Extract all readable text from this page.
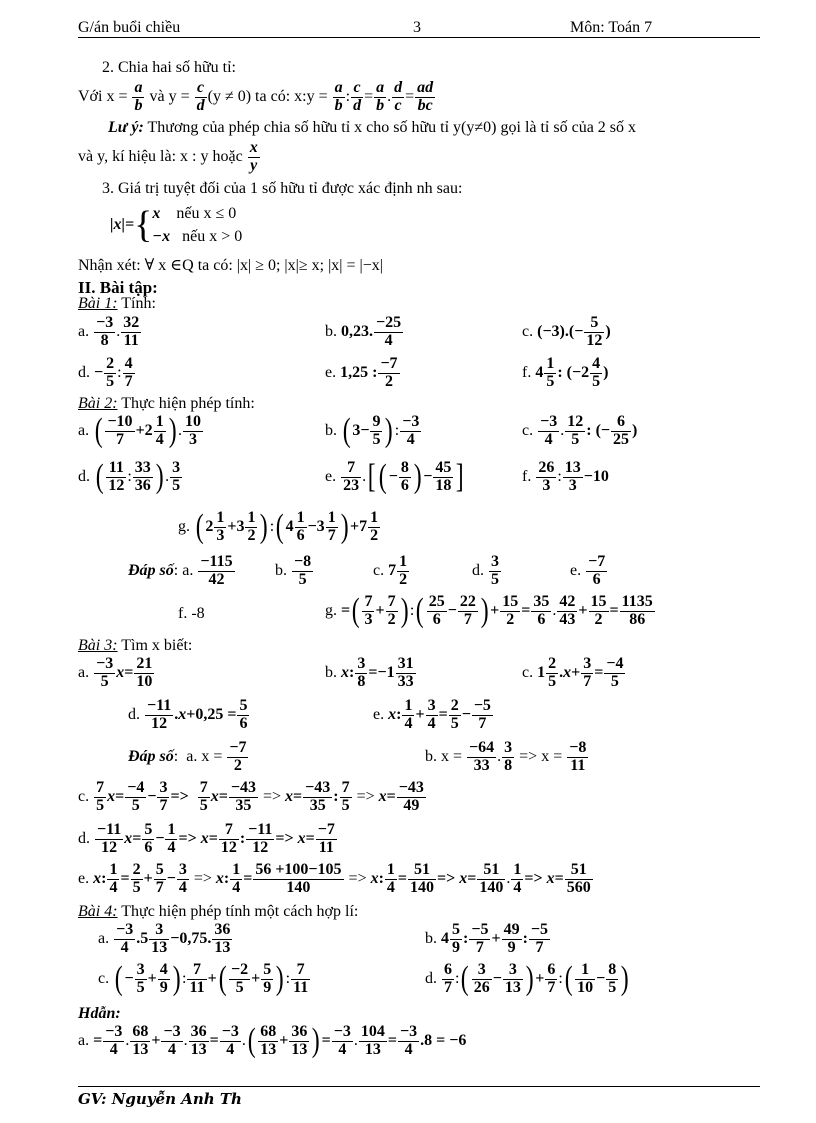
G/án buổi chiều	3	Môn: Toán 7
2. Chia hai số hữu tỉ:
Với $x = \frac{a}{b}$ và $y = \frac{c}{d} (y \ne 0)$ ta có: x:y = $\frac{a}{b}$ : $\frac{c}{d} = \frac{a}{b}$ . $\frac{d}{c} = \frac{ad}{bc}$
Lư ý: Thương của phép chia số hữu tỉ x cho số hữu tỉ y(y≠0) gọi là tỉ số của 2 số x
và y, kí hiệu là: x : y hoặc $\frac{x}{y}$
3. Giá trị tuyệt đối của 1 số hữu tỉ được xác định nh sau:
|x|={x nếu x ≤ 0
−x nếu x > 0
Nhận xét: ∀ x ∈Q ta có: |x| ≥ 0; |x|≥ x; |x| = |−x|
II. Bài tập:
Bài 1: Tính:
a. $\frac{-3}{8}$ . $\frac{32}{11}$	b. 0,23. $\frac{-25}{4}$	c. $(-3).(- \frac{5}{12}$ )
d. − $\frac{2}{5}$ : $\frac{4}{7}$	e. 1,25 : $\frac{-7}{2}$	f. $4 \frac{1}{5}$ : ($-2 \frac{4}{5}$ )
Bài 2: Thực hiện phép tính:
a. ( $\frac{-10}{7} +2 \frac{1}{4}$ ) . $\frac{10}{3}$	b. ( $3- \frac{9}{5}$ ) : $\frac{-3}{4}$	c. $\frac{-3}{4}$ . $\frac{12}{5}$ : (− $\frac{6}{25}$ )
d. ( $\frac{11}{12}$ : $\frac{33}{36}$ ) . $\frac{3}{5}$	e. $\frac{7}{23}$ .[( − $\frac{8}{6}$ ) − $\frac{45}{18}$ ]	f. $\frac{26}{3}$ : $\frac{13}{3} -10$
g. ( $2 \frac{1}{3} +3 \frac{1}{2}$ ) :( $4 \frac{1}{6} -3 \frac{1}{7}$ ) $+7 \frac{1}{2}$
Đáp số: a. $\frac{-115}{42}$	b. $\frac{-8}{5}$	c. $7 \frac{1}{2}$	d. $\frac{3}{5}$	e. $\frac{-7}{6}$
f. -8	g. =( $\frac{7}{3} + \frac{7}{2}$ ) :( $\frac{25}{6} - \frac{22}{7}$ ) + $\frac{15}{2} = \frac{35}{6}$ . $\frac{42}{43} + \frac{15}{2} = \frac{1135}{86}$
Bài 3: Tìm x biết:
a. $\frac{-3}{5} x= \frac{21}{10}$	b. x: $\frac{3}{8} =-1 \frac{31}{33}$	c. $1 \frac{2}{5} .x+ \frac{3}{7} = \frac{-4}{5}$
d. $\frac{-11}{12} .x+0,25 = \frac{5}{6}$	e. x: $\frac{1}{4} + \frac{3}{4} = \frac{2}{5} - \frac{-5}{7}$
Đáp số:  a. $x = \frac{-7}{2}$	b. $x = \frac{-64}{33}$ . $\frac{3}{8} => x = \frac{-8}{11}$
c. $\frac{7}{5} x= \frac{-4}{5} - \frac{3}{7} => \frac{7}{5} x= \frac{-43}{35} => x= \frac{-43}{35}$ : $\frac{7}{5} => x= \frac{-43}{49}$
d. $\frac{-11}{12} x= \frac{5}{6} - \frac{1}{4} => x= \frac{7}{12}$ : $\frac{-11}{12} => x= \frac{-7}{11}$
e. x: $\frac{1}{4} = \frac{2}{5} + \frac{5}{7} - \frac{3}{4} => x$: $\frac{1}{4} = \frac{56 +100-105}{140} => x$: $\frac{1}{4} = \frac{51}{140} => x= \frac{51}{140}$ . $\frac{1}{4} => x= \frac{51}{560}$
Bài 4: Thực hiện phép tính một cách hợp lí:
a. $\frac{-3}{4} .5 \frac{3}{13} -0,75$. $\frac{36}{13}$	b. $4 \frac{5}{9}$ : $\frac{-5}{7} + \frac{49}{9}$ : $\frac{-5}{7}$
c. ( − $\frac{3}{5} + \frac{4}{9}$ ) : $\frac{7}{11}$ +( $\frac{-2}{5} + \frac{5}{9}$ ) : $\frac{7}{11}$	d. $\frac{6}{7}$ :( $\frac{3}{26} - \frac{3}{13}$ ) + $\frac{6}{7}$ :( $\frac{1}{10} - \frac{8}{5}$ )
Hdẫn:
a. = $\frac{-3}{4}$ . $\frac{68}{13} + \frac{-3}{4}$ . $\frac{36}{13} = \frac{-3}{4}$ .( $\frac{68}{13} + \frac{36}{13}$ ) = $\frac{-3}{4}$ . $\frac{104}{13} = \frac{-3}{4} .8 = -6$
GV: Nguyễn Anh Th
